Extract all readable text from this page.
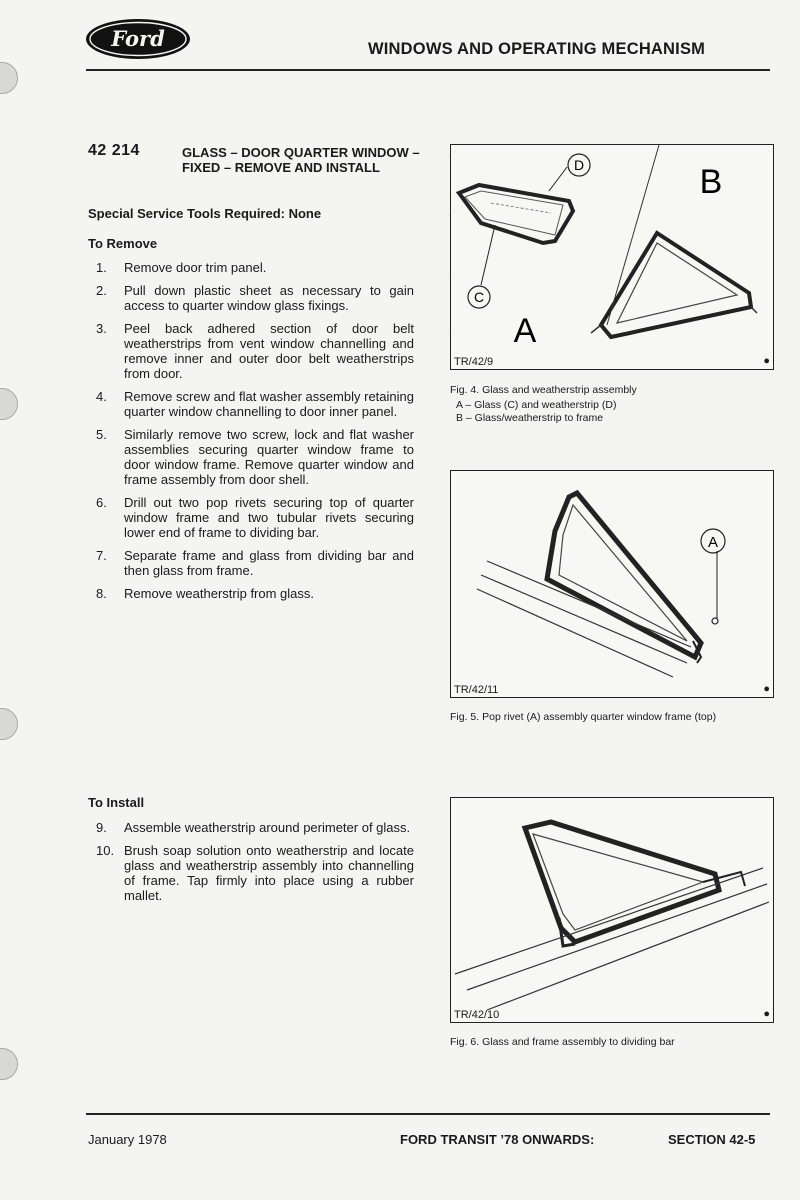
Ford	WINDOWS AND OPERATING MECHANISM
42 214	GLASS – DOOR QUARTER WINDOW – FIXED – REMOVE AND INSTALL
Special Service Tools Required: None
To Remove
1.	Remove door trim panel.
2.	Pull down plastic sheet as necessary to gain access to quarter window glass fixings.
3.	Peel back adhered section of door belt weatherstrips from vent window channelling and remove inner and outer door belt weatherstrips from door.
4.	Remove screw and flat washer assembly retaining quarter window channelling to door inner panel.
5.	Similarly remove two screw, lock and flat washer assemblies securing quarter window frame to door window frame. Remove quarter window and frame assembly from door shell.
6.	Drill out two pop rivets securing top of quarter window frame and two tubular rivets securing lower end of frame to dividing bar.
7.	Separate frame and glass from dividing bar and then glass from frame.
8.	Remove weatherstrip from glass.
To Install
9.	Assemble weatherstrip around perimeter of glass.
10. Brush soap solution onto weatherstrip and locate glass and weatherstrip assembly into channelling of frame. Tap firmly into place using a rubber mallet.
D	B
C
A
TR/42/9	●
Fig. 4. Glass and weatherstrip assembly
A – Glass (C) and weatherstrip (D)
B – Glass/weatherstrip to frame
A
TR/42/11	●
Fig. 5. Pop rivet (A) assembly quarter window frame (top)
TR/42/10	●
Fig. 6. Glass and frame assembly to dividing bar
January 1978	FORD TRANSIT ’78 ONWARDS:	SECTION 42-5
